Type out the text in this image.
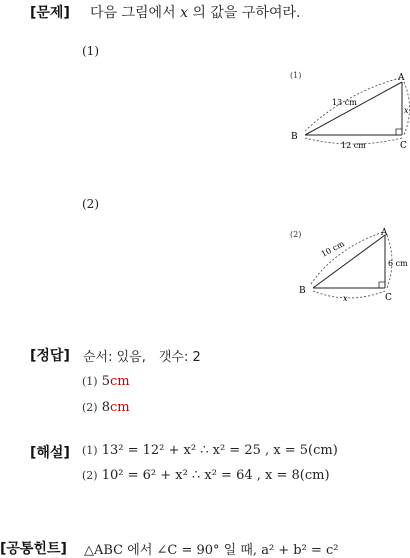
[문제] 다음 그림에서 x 의 값을 구하여라.
(1)
(2)
(1)	A
B
C
13 cm
12 cm
x
(2)	A
B
C
10 cm
6 cm
x
[정답] 순서: 있음,　갯수: 2
(1) 5cm
(2) 8cm
[해설] (1) 13² = 12² + x² ∴ x² = 25 , x = 5(cm)
(2) 10² = 6² + x² ∴ x² = 64 , x = 8(cm)
[공통힌트] △ABC 에서 ∠C = 90° 일 때, a² + b² = c²
